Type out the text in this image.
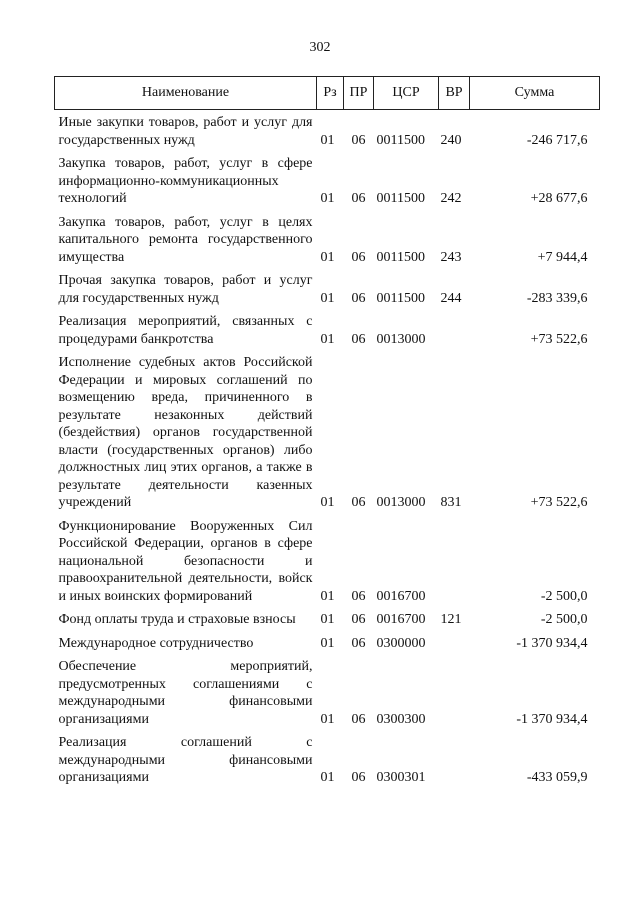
302
Наименование	Рз	ПР	ЦСР	ВР	Сумма
Иные закупки товаров, работ и услуг для государственных нужд	01	06	0011500	240	-246 717,6
Закупка товаров, работ, услуг в сфере информационно-коммуникационных технологий	01	06	0011500	242	+28 677,6
Закупка товаров, работ, услуг в целях капитального ремонта государственного имущества	01	06	0011500	243	+7 944,4
Прочая закупка товаров, работ и услуг для государственных нужд	01	06	0011500	244	-283 339,6
Реализация мероприятий, связанных с процедурами банкротства	01	06	0013000		+73 522,6
Исполнение судебных актов Российской Федерации и мировых соглашений по возмещению вреда, причиненного в результате незаконных действий (бездействия) органов государственной власти (государственных органов) либо должностных лиц этих органов, а также в результате деятельности казенных учреждений	01	06	0013000	831	+73 522,6
Функционирование Вооруженных Сил Российской Федерации, органов в сфере национальной безопасности и правоохранительной деятельности, войск и иных воинских формирований	01	06	0016700		-2 500,0
Фонд оплаты труда и страховые взносы	01	06	0016700	121	-2 500,0
Международное сотрудничество	01	06	0300000		-1 370 934,4
Обеспечение мероприятий, предусмотренных соглашениями с международными финансовыми организациями	01	06	0300300		-1 370 934,4
Реализация соглашений с международными финансовыми организациями	01	06	0300301		-433 059,9
